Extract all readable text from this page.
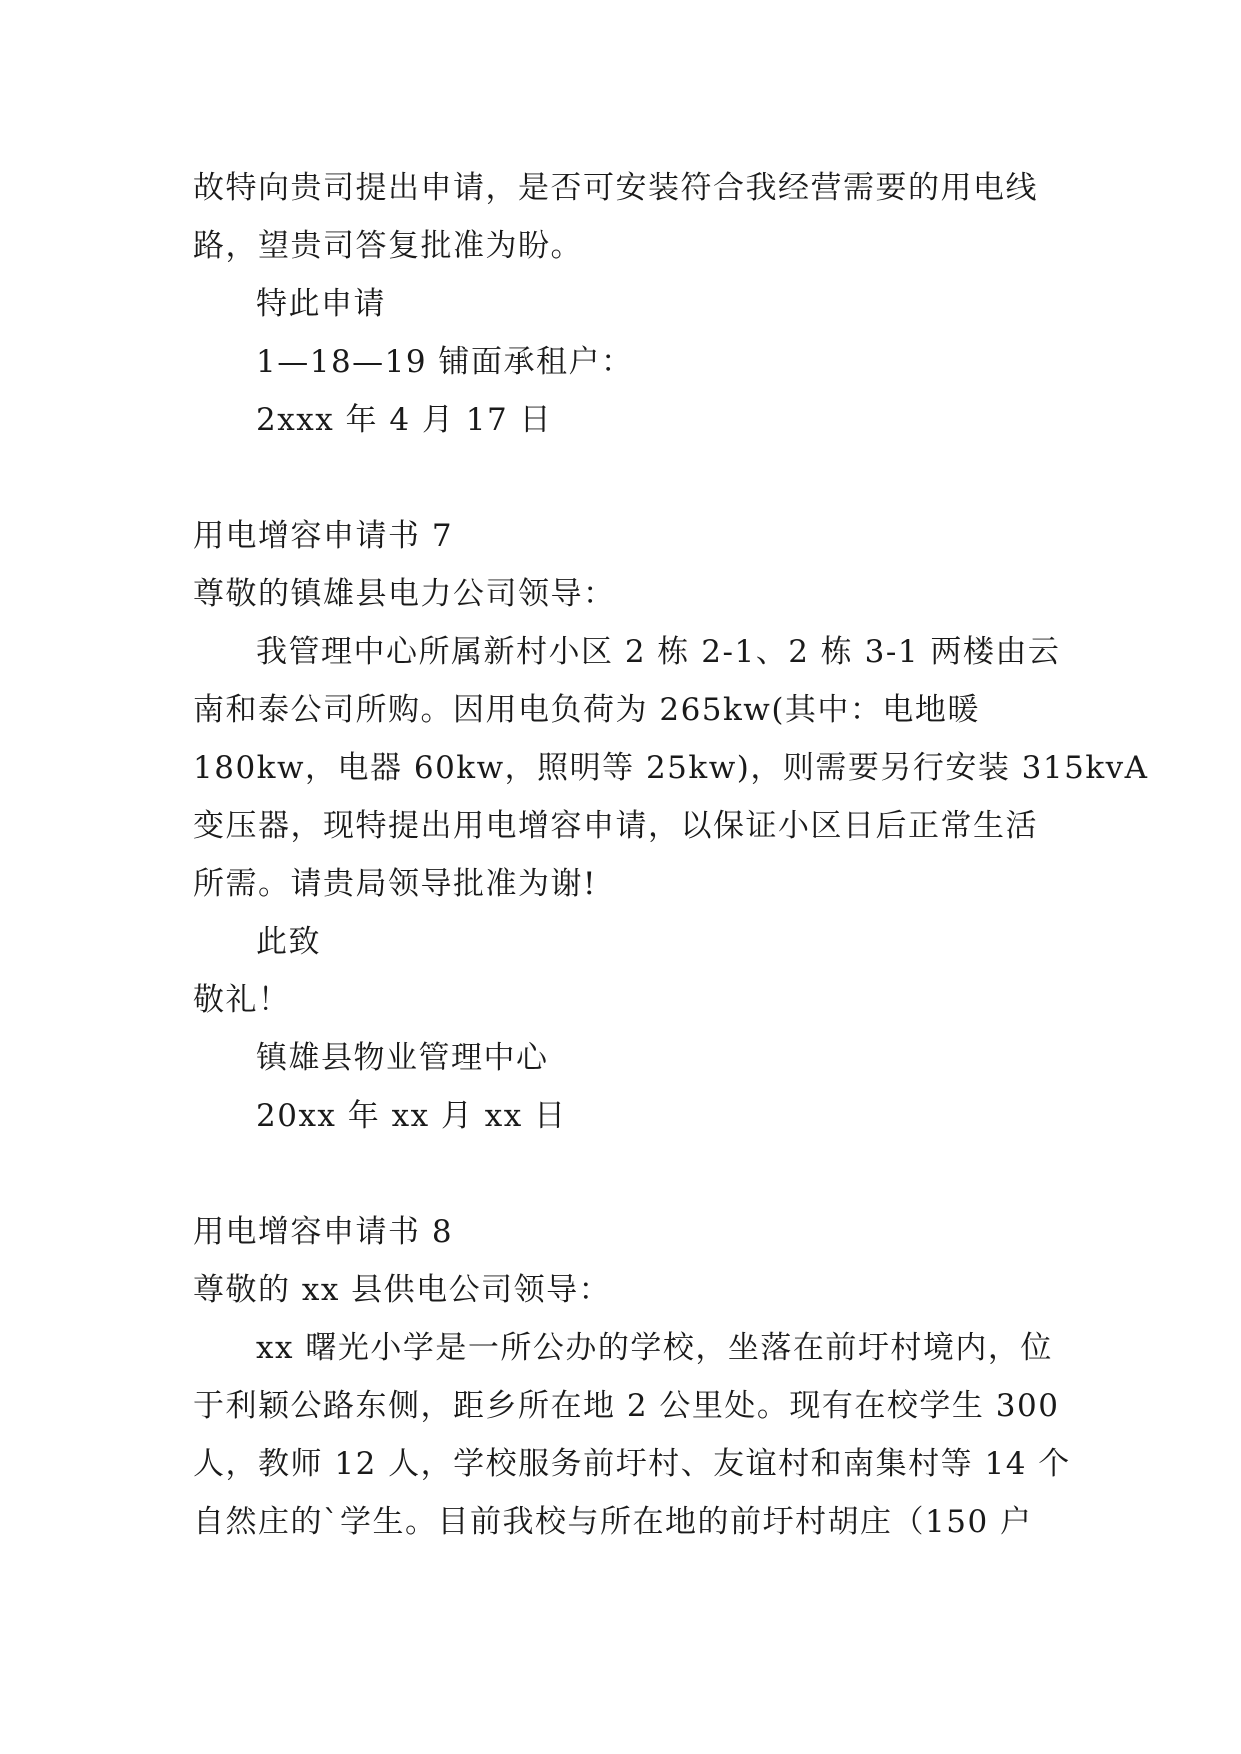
故特向贵司提出申请，是否可安装符合我经营需要的用电线
路，望贵司答复批准为盼。
特此申请
1—18—19 铺面承租户：
2xxx 年 4 月 17 日
用电增容申请书 7
尊敬的镇雄县电力公司领导：
我管理中心所属新村小区 2 栋 2-1、2 栋 3-1 两楼由云
南和泰公司所购。因用电负荷为 265kw(其中：电地暖
180kw，电器 60kw，照明等 25kw)，则需要另行安装 315kvA
变压器，现特提出用电增容申请，以保证小区日后正常生活
所需。请贵局领导批准为谢!
此致
敬礼！
镇雄县物业管理中心
20xx 年 xx 月 xx 日
用电增容申请书 8
尊敬的 xx 县供电公司领导：
xx 曙光小学是一所公办的学校，坐落在前圩村境内，位
于利颖公路东侧，距乡所在地 2 公里处。现有在校学生 300
人，教师 12 人，学校服务前圩村、友谊村和南集村等 14 个
自然庄的`学生。目前我校与所在地的前圩村胡庄（150 户
